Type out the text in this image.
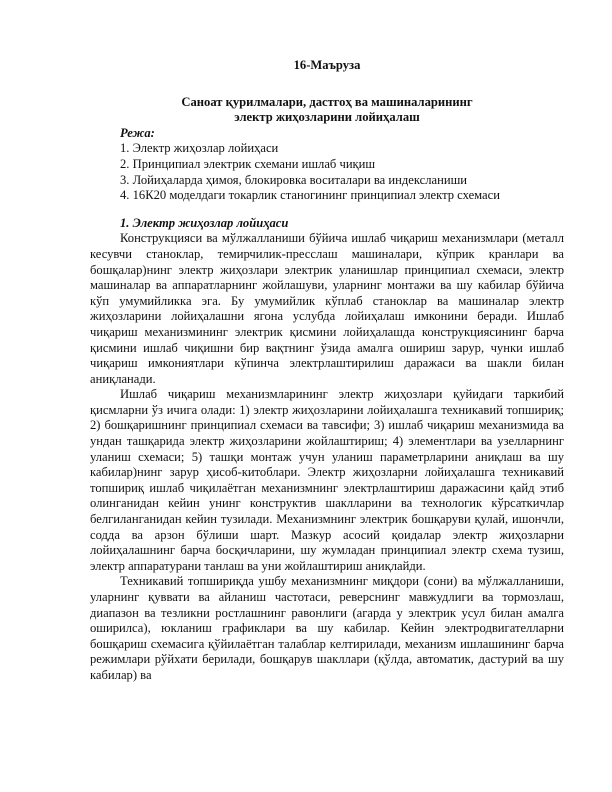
16-Маъруза

Саноат қурилмалари, дастгоҳ ва машиналарининг

электр жиҳозларини лойиҳалаш

Режа:

1. Электр жиҳозлар лойиҳаси
2. Принципиал электрик схемани ишлаб чиқиш
3. Лойиҳаларда ҳимоя, блокировка воситалари ва индексланиши
4. 16К20 моделдаги токарлик станогининг принципиал электр схемаси

1. Электр жиҳозлар лойиҳаси

Конструкцияси ва мўлжалланиши бўйича ишлаб чиқариш механизмлари (металл кесувчи станоклар, темирчилик-пресслаш машиналари, кўприк кранлари ва бошқалар)нинг электр жиҳозлари электрик уланишлар принципиал схемаси, электр машиналар ва аппаратларнинг жойлашуви, уларнинг монтажи ва шу кабилар бўйича кўп умумийликка эга. Бу умумийлик кўплаб станоклар ва машиналар электр жиҳозларини лойиҳалашни ягона услубда лойиҳалаш имконини беради. Ишлаб чиқариш механизмининг электрик қисмини лойиҳалашда конструкциясининг барча қисмини ишлаб чиқишни бир вақтнинг ўзида амалга ошириш зарур, чунки ишлаб чиқариш имкониятлари кўпинча электрлаштирилиш даражаси ва шакли билан аниқланади.

Ишлаб чиқариш механизмларининг электр жиҳозлари қуйидаги таркибий қисмларни ўз ичига олади: 1) электр жиҳозларини лойиҳалашга техникавий топшириқ; 2) бошқаришнинг принципиал схемаси ва тавсифи; 3) ишлаб чиқариш механизмида ва ундан ташқарида электр жиҳозларини жойлаштириш; 4) элементлари ва узелларнинг уланиш схемаси; 5) ташқи монтаж учун уланиш параметрларини аниқлаш ва шу кабилар)нинг зарур ҳисоб-китоблари. Электр жиҳозларни лойиҳалашга техникавий топшириқ ишлаб чиқилаётган механизмнинг электрлаштириш даражасини қайд этиб олинганидан кейин унинг конструктив шаклларини ва технологик кўрсаткичлар белгиланганидан кейин тузилади. Механизмнинг электрик бошқаруви қулай, ишончли, содда ва арзон бўлиши шарт. Мазкур асосий қоидалар электр жиҳозларни лойиҳалашнинг барча босқичларини, шу жумладан принципиал электр схема тузиш, электр аппаратурани танлаш ва уни жойлаштириш аниқлайди.

Техникавий топшириқда ушбу механизмнинг миқдори (сони) ва мўлжалланиши, уларнинг қуввати ва айланиш частотаси, реверснинг мавжудлиги ва тормозлаш, диапазон ва тезликни ростлашнинг равонлиги (агарда у электрик усул билан амалга оширилса), юкланиш графиклари ва шу кабилар. Кейин электродвигателларни бошқариш схемасига қўйилаётган талаблар келтирилади, механизм ишлашининг барча режимлари рўйхати берилади, бошқарув шакллари (қўлда, автоматик, дастурий ва шу кабилар) ва
